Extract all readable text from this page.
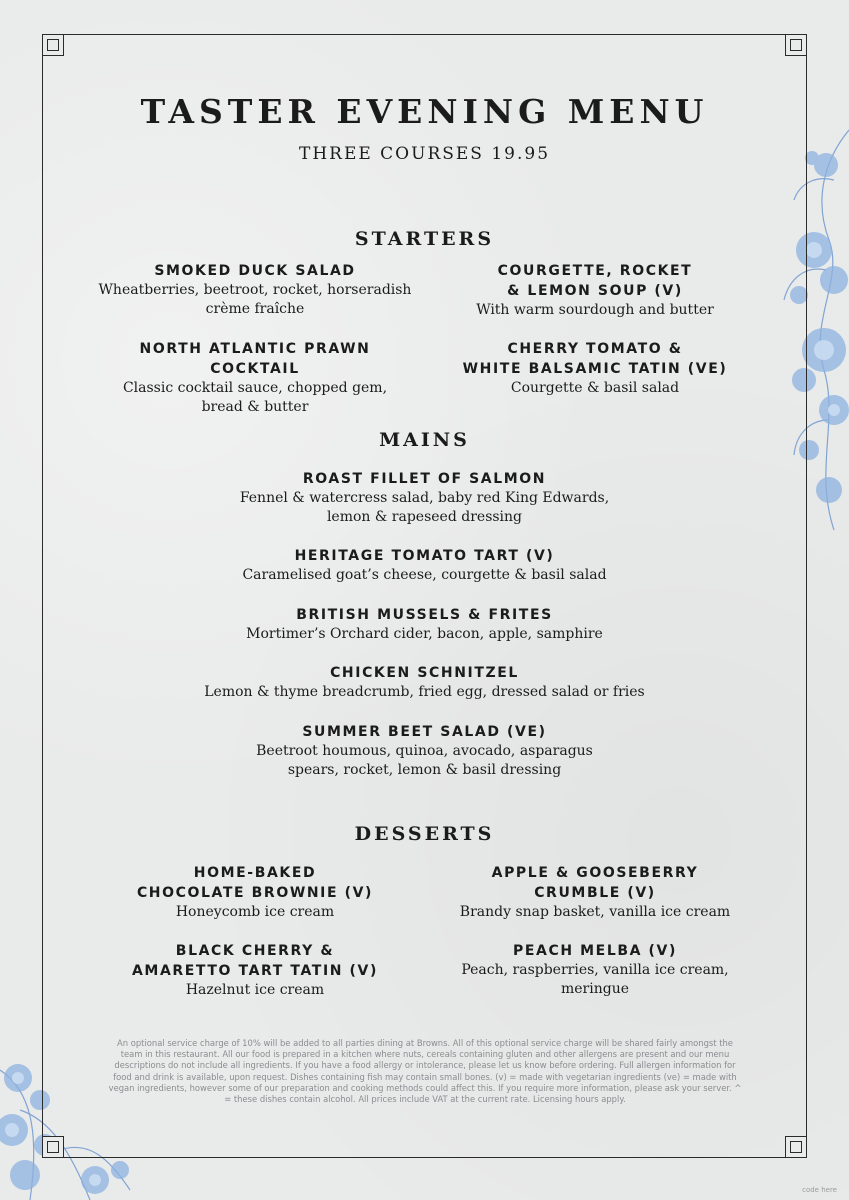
TASTER EVENING MENU
THREE COURSES 19.95
STARTERS
SMOKED DUCK SALAD
Wheatberries, beetroot, rocket, horseradish
crème fraîche
COURGETTE, ROCKET
& LEMON SOUP (V)
With warm sourdough and butter
NORTH ATLANTIC PRAWN COCKTAIL
Classic cocktail sauce, chopped gem,
bread & butter
CHERRY TOMATO &
WHITE BALSAMIC TATIN (VE)
Courgette & basil salad
MAINS
ROAST FILLET OF SALMON
Fennel & watercress salad, baby red King Edwards,
lemon & rapeseed dressing
HERITAGE TOMATO TART (V)
Caramelised goat’s cheese, courgette & basil salad
BRITISH MUSSELS & FRITES
Mortimer’s Orchard cider, bacon, apple, samphire
CHICKEN SCHNITZEL
Lemon & thyme breadcrumb, fried egg, dressed salad or fries
SUMMER BEET SALAD (VE)
Beetroot houmous, quinoa, avocado, asparagus
spears, rocket, lemon & basil dressing
DESSERTS
HOME-BAKED
CHOCOLATE BROWNIE (V)
Honeycomb ice cream
APPLE & GOOSEBERRY
CRUMBLE (V)
Brandy snap basket, vanilla ice cream
BLACK CHERRY &
AMARETTO TART TATIN (V)
Hazelnut ice cream
PEACH MELBA (V)
Peach, raspberries, vanilla ice cream, meringue
An optional service charge of 10% will be added to all parties dining at Browns. All of this optional service charge will be shared fairly amongst the team in this restaurant. All our food is prepared in a kitchen where nuts, cereals containing gluten and other allergens are present and our menu descriptions do not include all ingredients. If you have a food allergy or intolerance, please let us know before ordering. Full allergen information for food and drink is available, upon request. Dishes containing fish may contain small bones. (v) = made with vegetarian ingredients (ve) = made with vegan ingredients, however some of our preparation and cooking methods could affect this. If you require more information, please ask your server. ^ = these dishes contain alcohol. All prices include VAT at the current rate. Licensing hours apply.
code here
